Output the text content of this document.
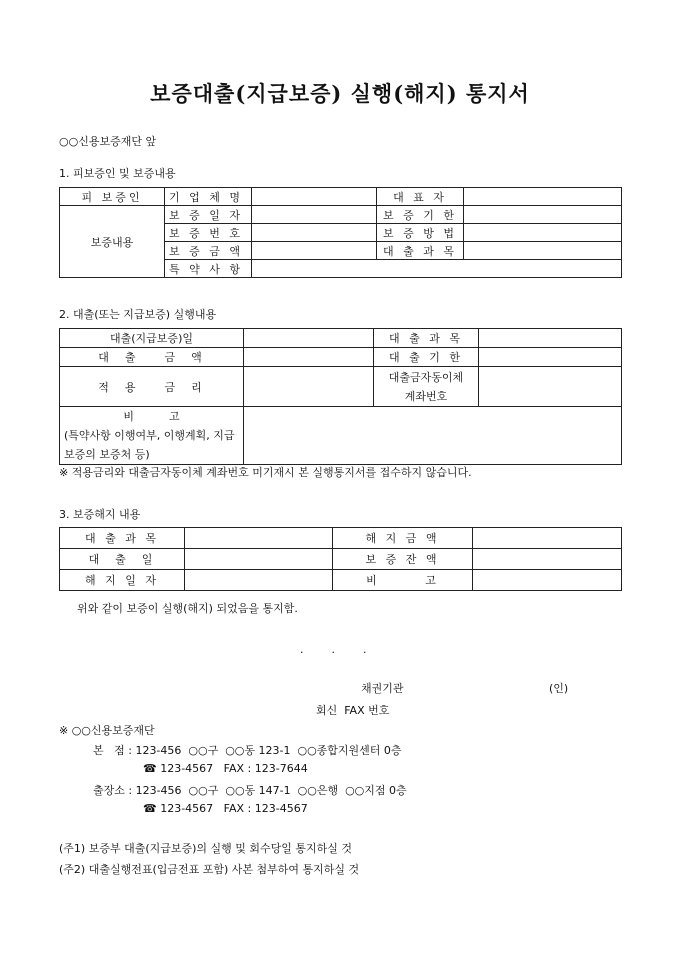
보증대출(지급보증) 실행(해지) 통지서
○○신용보증재단 앞
1. 피보증인 및 보증내용
피 보증인	기 업 체 명		대 표 자	
보증내용	보 증 일 자		보 증 기 한	
	보 증 번 호		보 증 방 법	
	보 증 금 액		대 출 과 목	
	특 약 사 항			
2. 대출(또는 지급보증) 실행내용
대출(지급보증)일		대 출 과 목	
대  출    금  액		대 출 기 한	
적  용    금  리		대출금자동이체
계좌번호	

비          고
(특약사항 이행여부, 이행계획, 지급보증의 보증처 등)			

※ 적용금리와 대출금자동이체 계좌번호 미기재시 본 실행통지서를 접수하지 않습니다.
3. 보증해지 내용
대 출 과 목		해 지 금 액	
대  출  일		보 증 잔 액	
해 지 일 자		비       고	
위와 같이 보증이 실행(해지) 되었음을 통지함.
.        .        .
채권기관	(인)
회신  FAX 번호
※ ○○신용보증재단
본   점 : 123-456  ○○구  ○○동 123-1  ○○종합지원센터 0층
☎ 123-4567   FAX : 123-7644
출장소 : 123-456  ○○구  ○○동 147-1  ○○은행  ○○지점 0층
☎ 123-4567   FAX : 123-4567
(주1) 보증부 대출(지급보증)의 실행 및 회수당일 통지하실 것
(주2) 대출실행전표(입금전표 포함) 사본 첨부하여 통지하실 것
